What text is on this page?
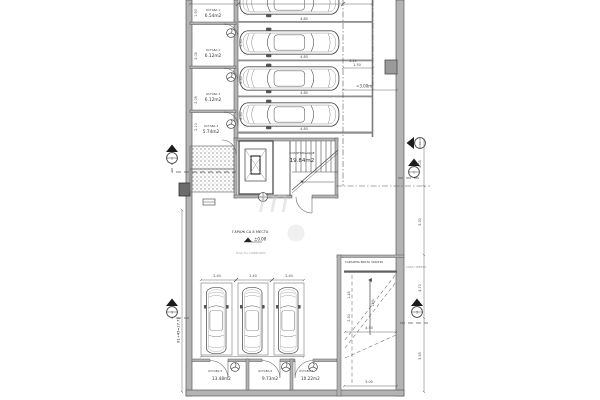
ОСТАВА 1
6.54m2
ОСТАВА 2
6.12m2
ОСТАВА 3
6.12m2
ОСТАВА 4
5.74m2
КОМУНИКАЦИЈЕ
19.84m2
ГАРАЖ СА 8 МЕСТА
±0.00
ПАД КА СЛИВНИКУ
m
ОСТАВА 5
13.48m2
ОСТАВА 6
9.73m2
ОСТАВА 7
10.22m2
ГАРАЖНА ВРАТА 300/230
УЛАЗ / ИЗЛАЗ
=3.00m
81+45=27.73
4.80
4.80
4.80
4.80
2.30
2.30
2.30
1.90
2.05
2.05
2.10
1.50
3.11
2.40	2.40	2.40
4.50
5.00
1.45
2.30
15%
4.05
5.30
4.70
5.55
1
3
2
1
3
